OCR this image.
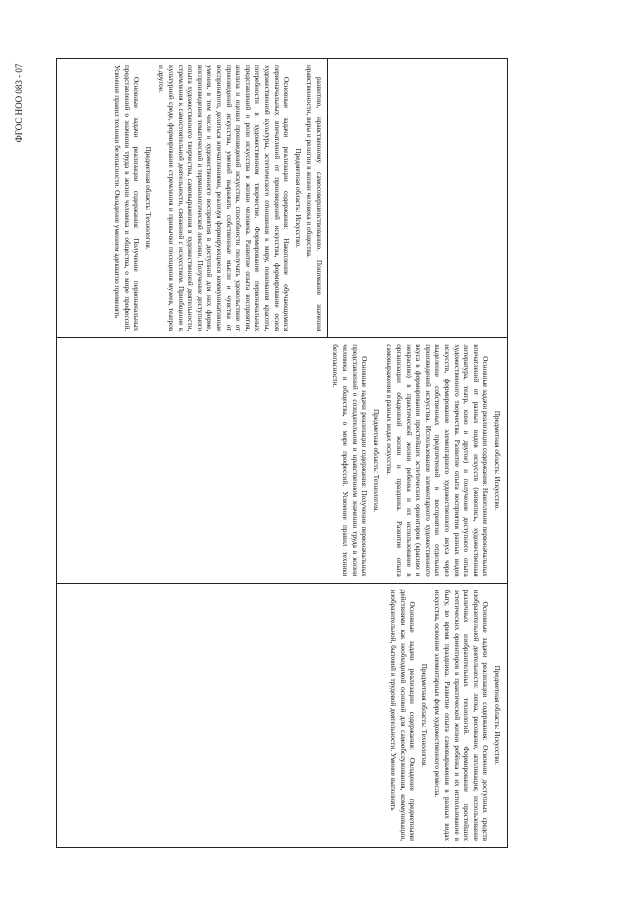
ФГОС НОО 083 - 07	развитию, нравственному самосовершенствованию. Понимание значения нравственности, веры и религии в жизни человека и общества.

Предметная область: Искусство.

Основные задачи реализации содержания: Накопление обучающимися первоначальных впечатлений от произведений искусства, формирование основ художественной культуры, эстетического отношения к миру, понимания красоты, потребности в художественном творчестве. Формирование первоначальных представлений о роли искусства в жизни человека. Развитие опыта восприятия, анализа и оценки произведений искусства, способности получать удовольствие от произведений искусства, умений выражать собственные мысли и чувства от воспринятого, делиться впечатлениями, реализуя формирующиеся коммуникативные умения, в том числе и художественного восприятия в доступной для них форме, воспроизведения тематической и терминологической лексики. Получение доступного опыта художественного творчества, самовыражения в художественной деятельности, стремления к самостоятельной деятельности, связанной с искусством. Приобщение к культурной среде, формирование стремления и привычки посещения музеев, театров и другое.

Предметная область: Технология.

Основные задачи реализации содержания: Получение первоначальных представлений о значении труда в жизни человека и общества, о мире профессий. Усвоение правил техники безопасности. Овладение умением адекватно применять

Предметная область: Искусство.

Основные задачи реализации содержания: Накопление первоначальных впечатлений от разных видов искусств (живопись, художественная литература, театр, кино и другое) и получение доступного опыта художественного творчества. Развитие опыта восприятия разных видов искусств, формирование элементарного художественного вкуса через выделение собственных предпочтений в восприятии отдельных произведений искусства. Использование элементарного художественного вкуса в формировании простейших эстетических ориентиров (красиво и некрасиво) в практической жизни ребенка и их использование в организации обыденной жизни и праздника. Развитие опыта самовыражения в разных видах искусства.

Предметная область: Технология.

Основные задачи реализации содержания: Получение первоначальных представлений о созидательном и нравственном значении труда в жизни человека и общества, о мире профессий. Усвоение правил техники безопасности.

Предметная область: Искусство.

Основные задачи реализации содержания: Освоение доступных средств изобразительной деятельности: лепка, рисование, аппликация; использование различных изобразительных технологий. Формирование простейших эстетических ориентиров в практической жизни ребёнка и их использование в быту, во время праздника. Развитие опыта самовыражения в разных видах искусства, освоение элементарных форм художественного ремесла.

Предметная область: Технология.

Основные задачи реализации содержания: Овладение предметными действиями как необходимой основой для самообслуживания, коммуникации, изобразительной, бытовой и трудовой деятельности. Умение выполнять
